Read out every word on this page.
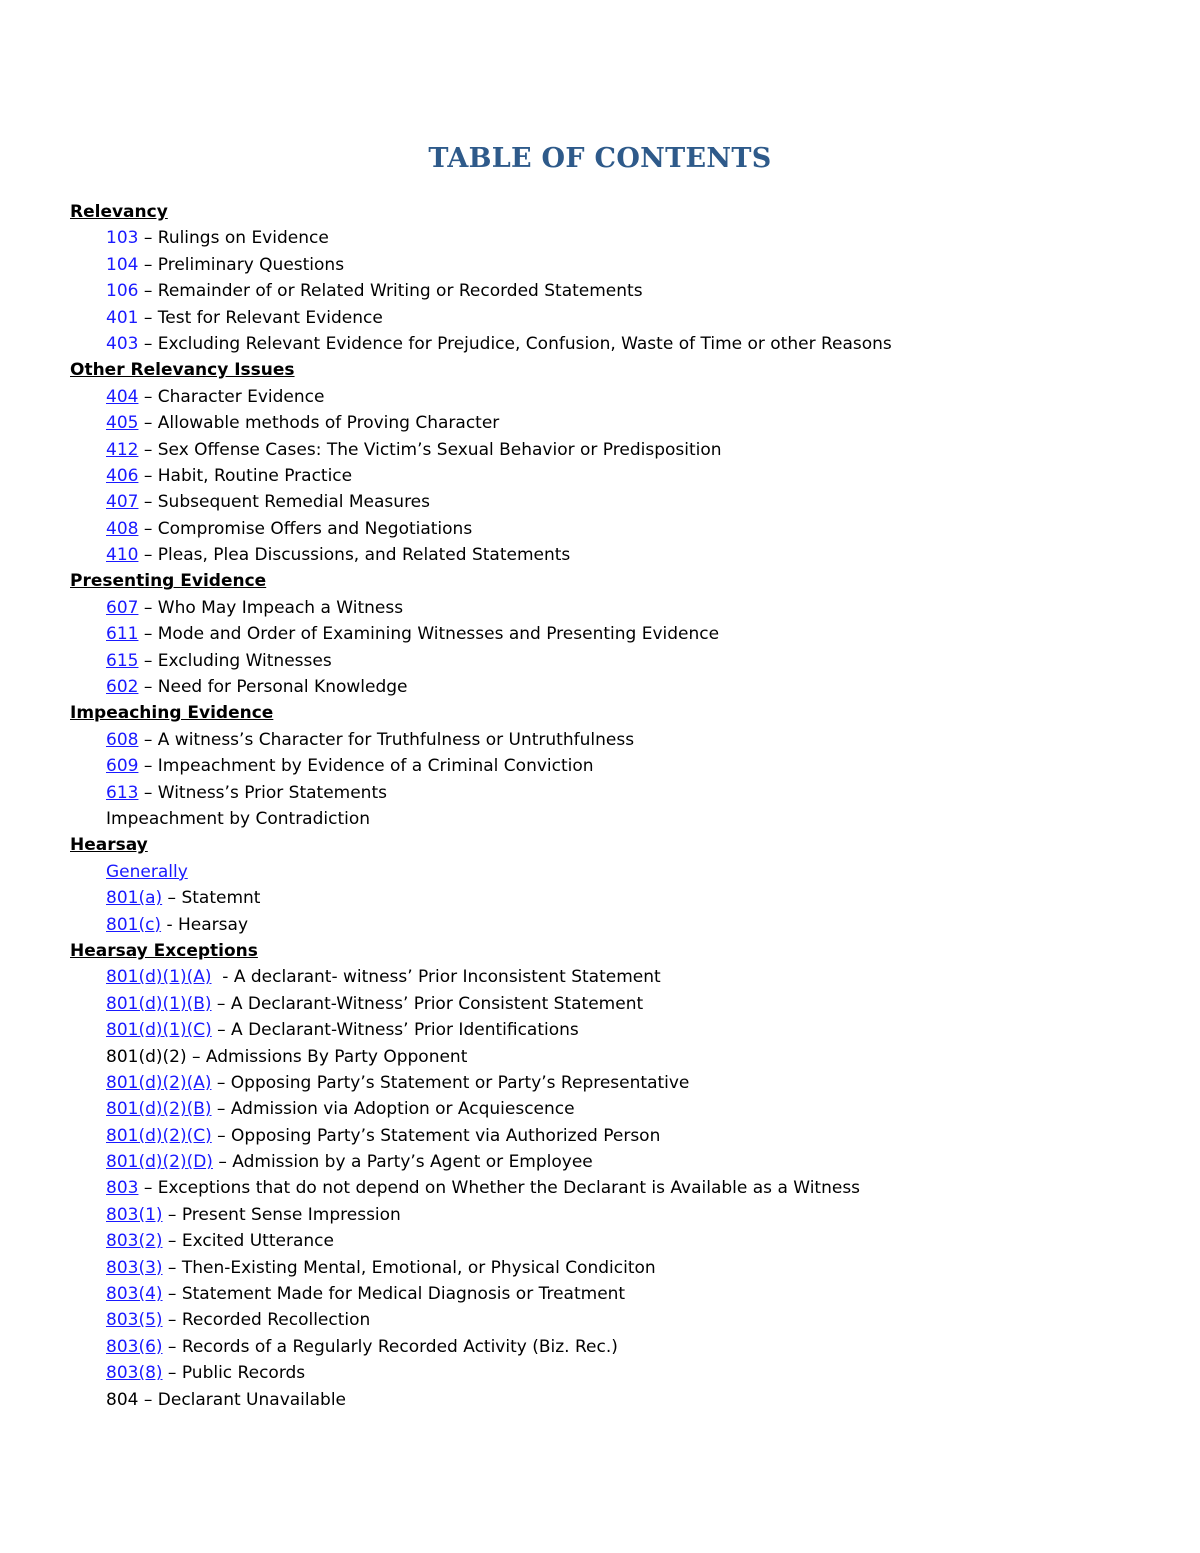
TABLE OF CONTENTS
Relevancy
103 – Rulings on Evidence
104 – Preliminary Questions
106 – Remainder of or Related Writing or Recorded Statements
401 – Test for Relevant Evidence
403 – Excluding Relevant Evidence for Prejudice, Confusion, Waste of Time or other Reasons
Other Relevancy Issues
404 – Character Evidence
405 – Allowable methods of Proving Character
412 – Sex Offense Cases: The Victim’s Sexual Behavior or Predisposition
406 – Habit, Routine Practice
407 – Subsequent Remedial Measures
408 – Compromise Offers and Negotiations
410 – Pleas, Plea Discussions, and Related Statements
Presenting Evidence
607 – Who May Impeach a Witness
611 – Mode and Order of Examining Witnesses and Presenting Evidence
615 – Excluding Witnesses
602 – Need for Personal Knowledge
Impeaching Evidence
608 – A witness’s Character for Truthfulness or Untruthfulness
609 – Impeachment by Evidence of a Criminal Conviction
613 – Witness’s Prior Statements
Impeachment by Contradiction
Hearsay
Generally
801(a) – Statemnt
801(c) - Hearsay
Hearsay Exceptions
801(d)(1)(A)  - A declarant- witness’ Prior Inconsistent Statement
801(d)(1)(B) – A Declarant-Witness’ Prior Consistent Statement
801(d)(1)(C) – A Declarant-Witness’ Prior Identifications
801(d)(2) – Admissions By Party Opponent
801(d)(2)(A) – Opposing Party’s Statement or Party’s Representative
801(d)(2)(B) – Admission via Adoption or Acquiescence
801(d)(2)(C) – Opposing Party’s Statement via Authorized Person
801(d)(2)(D) – Admission by a Party’s Agent or Employee
803 – Exceptions that do not depend on Whether the Declarant is Available as a Witness
803(1) – Present Sense Impression
803(2) – Excited Utterance
803(3) – Then-Existing Mental, Emotional, or Physical Condiciton
803(4) – Statement Made for Medical Diagnosis or Treatment
803(5) – Recorded Recollection
803(6) – Records of a Regularly Recorded Activity (Biz. Rec.)
803(8) – Public Records
804 – Declarant Unavailable
